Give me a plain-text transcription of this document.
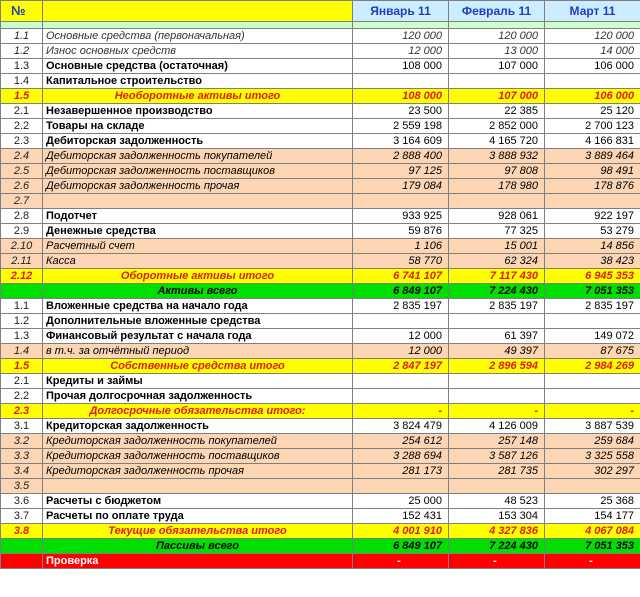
№		Январь 11	Февраль 11	Март 11

1.1	Основные средства (первоначальная)	120 000	120 000	120 000
1.2	Износ основных средств	12 000	13 000	14 000
1.3	Основные средства (остаточная)	108 000	107 000	106 000
1.4	Капитальное строительство			
1.5	Необоротные активы итого	108 000	107 000	106 000
2.1	Незавершенное производство	23 500	22 385	25 120
2.2	Товары на складе	2 559 198	2 852 000	2 700 123
2.3	Дебиторская задолженность	3 164 609	4 165 720	4 166 831
2.4	Дебиторская задолженность покупателей	2 888 400	3 888 932	3 889 464
2.5	Дебиторская задолженность поставщиков	97 125	97 808	98 491
2.6	Дебиторская задолженность прочая	179 084	178 980	178 876
2.7				
2.8	Подотчет	933 925	928 061	922 197
2.9	Денежные средства	59 876	77 325	53 279
2.10	Расчетный счет	1 106	15 001	14 856
2.11	Касса	58 770	62 324	38 423
2.12	Оборотные активы итого	6 741 107	7 117 430	6 945 353
	Активы всего	6 849 107	7 224 430	7 051 353
1.1	Вложенные средства на начало года	2 835 197	2 835 197	2 835 197
1.2	Дополнительные вложенные средства			
1.3	Финансовый результат с начала года	12 000	61 397	149 072
1.4	в т.ч. за отчётный период	12 000	49 397	87 675
1.5	Собственные средства итого	2 847 197	2 896 594	2 984 269
2.1	Кредиты и займы			
2.2	Прочая долгосрочная задолженность			
2.3	Долгосрочные обязательства итого:	-	-	-
3.1	Кредиторская задолженность	3 824 479	4 126 009	3 887 539
3.2	Кредиторская задолженность покупателей	254 612	257 148	259 684
3.3	Кредиторская задолженность поставщиков	3 288 694	3 587 126	3 325 558
3.4	Кредиторская задолженность прочая	281 173	281 735	302 297
3.5				
3.6	Расчеты с бюджетом	25 000	48 523	25 368
3.7	Расчеты по оплате труда	152 431	153 304	154 177
3.8	Текущие обязательства итого	4 001 910	4 327 836	4 067 084
	Пассивы всего	6 849 107	7 224 430	7 051 353
	Проверка	-	-	-
